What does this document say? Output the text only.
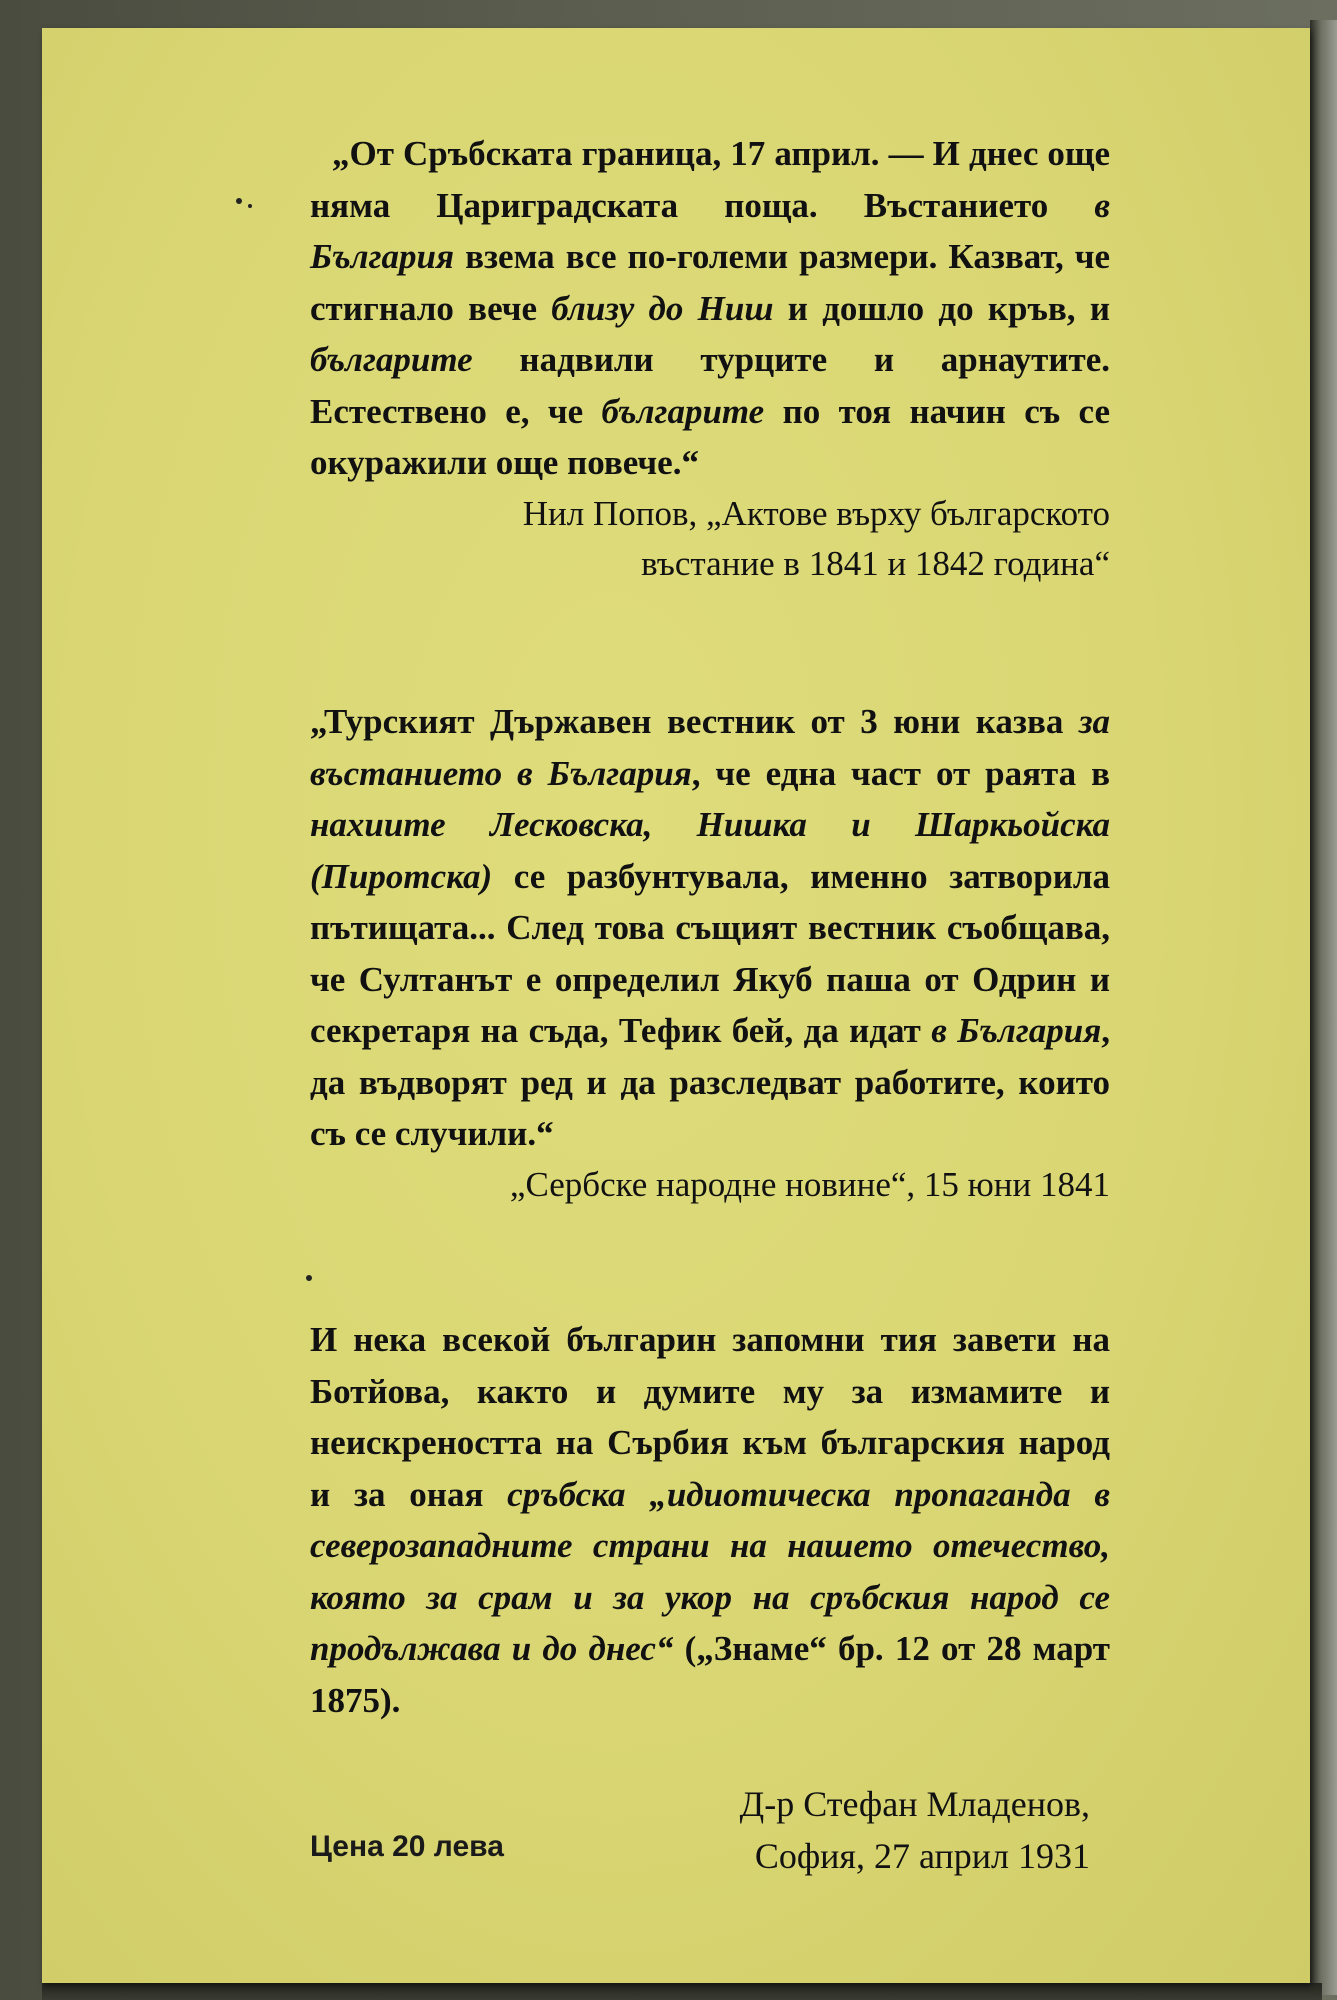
„От Сръбската граница, 17 април. — И днес още няма Цариградската поща. Въстанието в България взема все по-големи размери. Казват, че стигнало вече близу до Ниш и дошло до кръв, и българите надвили турците и арнаутите. Естествено е, че българите по тоя начин съ се окуражили още повече.“

Нил Попов, „Актове върху българското
въстание в 1841 и 1842 година“

„Турският Държавен вестник от 3 юни казва за въстанието в България, че една част от раята в нахиите Лесковска, Нишка и Шаркьойска (Пиротска) се разбунтувала, именно затворила пътищата... След това същият вестник съобщава, че Султанът е определил Якуб паша от Одрин и секретаря на съда, Тефик бей, да идат в България, да въдворят ред и да разследват работите, които съ се случили.“

„Сербске народне новине“, 15 юни 1841

И нека всекой българин запомни тия завети на Ботйова, както и думите му за измамите и неискреността на Сърбия към българския народ и за оная сръбска „идиотическа пропаганда в северозападните страни на нашето отечество, която за срам и за укор на сръбския народ се продължава и до днес“ („Знаме“ бр. 12 от 28 март 1875).

Д-р Стефан Младенов,
София, 27 април 1931
Цена 20 лева
